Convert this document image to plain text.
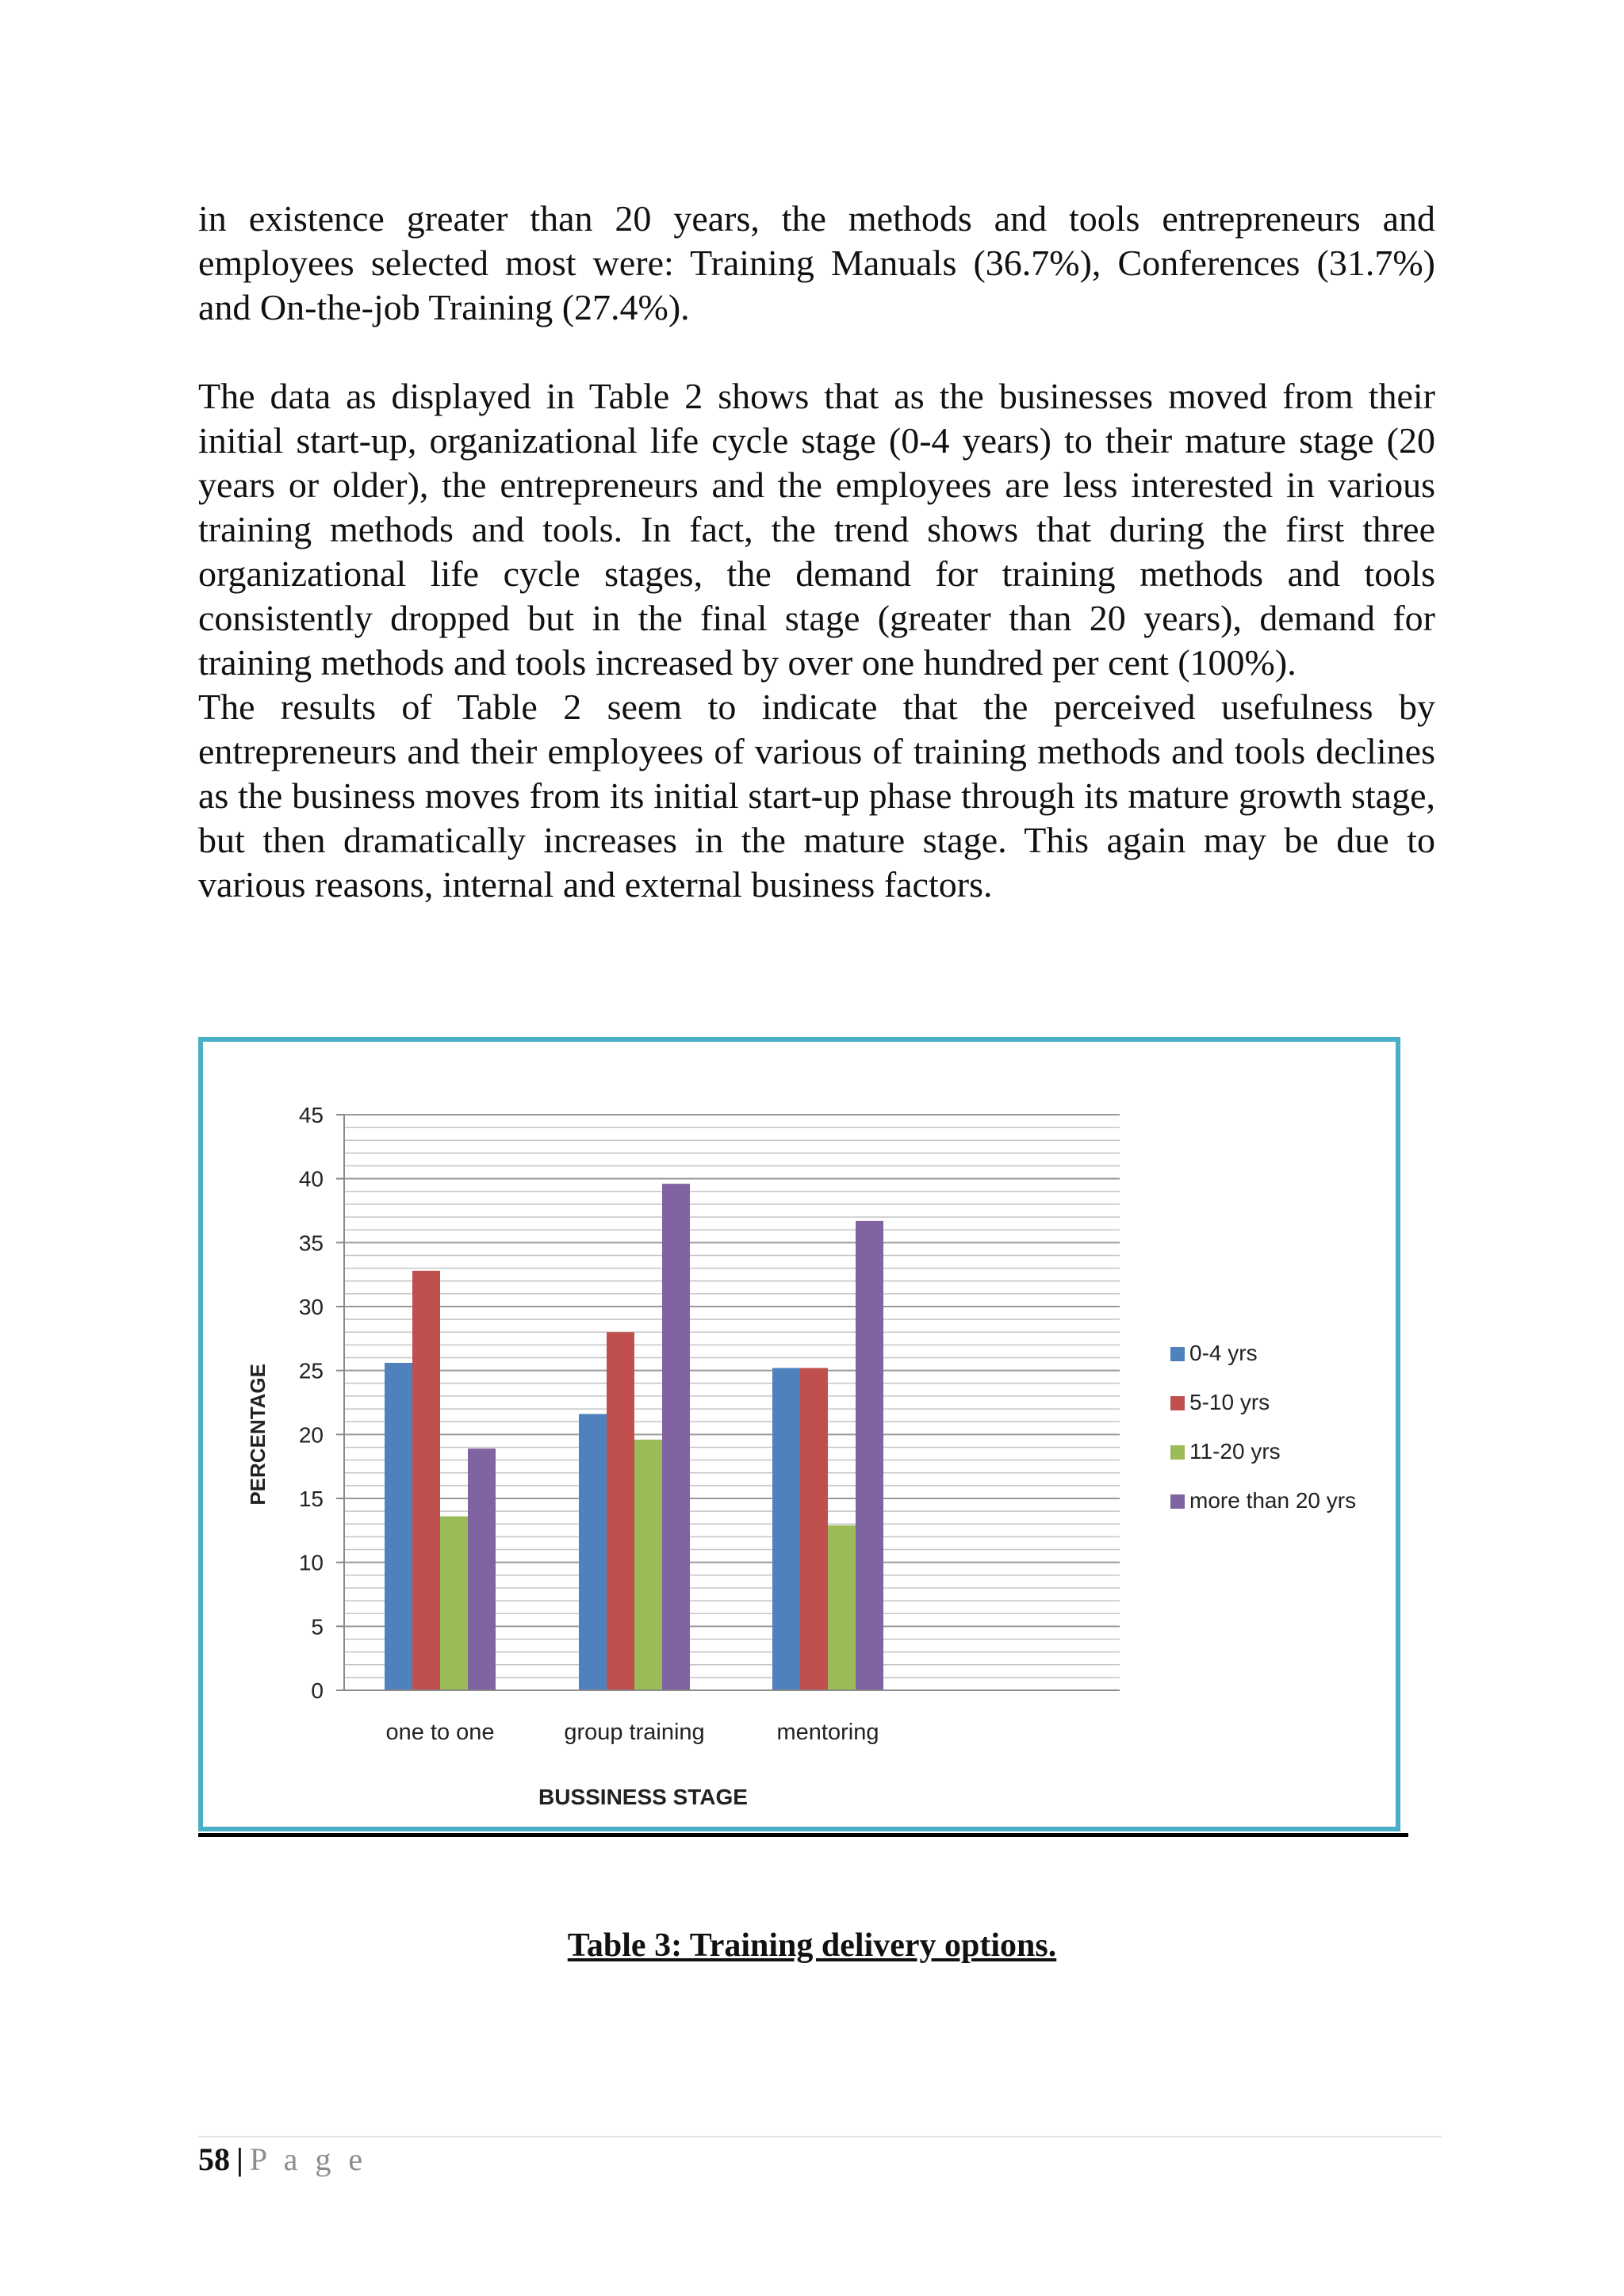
in existence greater than 20 years, the methods and tools entrepreneurs and employees selected most were: Training Manuals (36.7%), Conferences (31.7%) and On-the-job Training (27.4%).

The data as displayed in Table 2 shows that as the businesses moved from their initial start-up, organizational life cycle stage (0-4 years) to their mature stage (20 years or older), the entrepreneurs and the employees are less interested in various training methods and tools. In fact, the trend shows that during the first three organizational life cycle stages, the demand for training methods and tools consistently dropped but in the final stage (greater than 20 years), demand for training methods and tools increased by over one hundred per cent (100%).

The results of Table 2 seem to indicate that the perceived usefulness by entrepreneurs and their employees of various of training methods and tools declines as the business moves from its initial start-up phase through its mature growth stage, but then dramatically increases in the mature stage. This again may be due to various reasons, internal and external business factors.

0
5
10
15
20
25
30
35
40
45
PERCENTAGE
one to one	group training	mentoring
BUSSINESS STAGE
0-4 yrs
5-10 yrs
11-20 yrs
more than 20 yrs
Table 3: Training delivery options.
58 | P a g e
